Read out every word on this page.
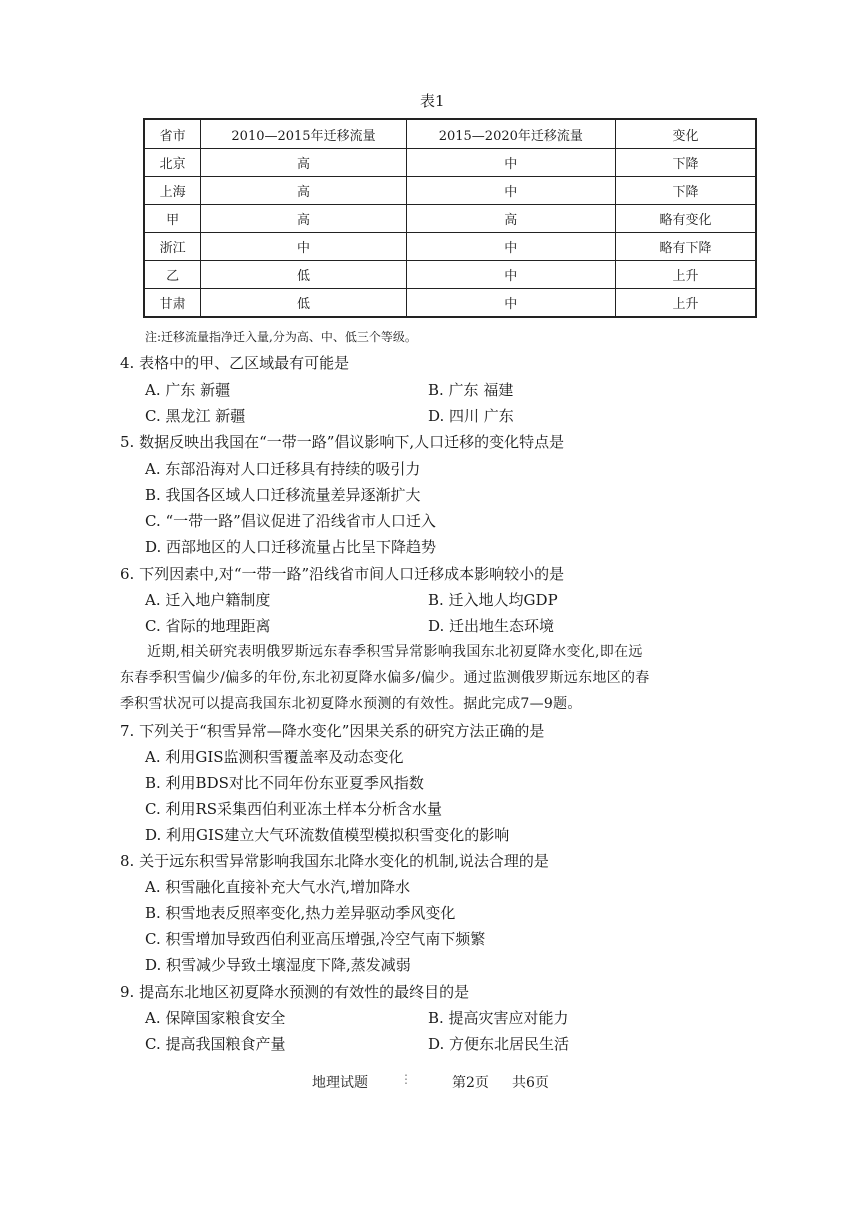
表1
省市	2010—2015年迁移流量	2015—2020年迁移流量	变化
北京	高	中	下降
上海	高	中	下降
甲	高	高	略有变化
浙江	中	中	略有下降
乙	低	中	上升
甘肃	低	中	上升
注:迁移流量指净迁入量,分为高、中、低三个等级。
4. 表格中的甲、乙区域最有可能是
A. 广东 新疆	B. 广东 福建
C. 黑龙江 新疆	D. 四川 广东
5. 数据反映出我国在“一带一路”倡议影响下,人口迁移的变化特点是
A. 东部沿海对人口迁移具有持续的吸引力
B. 我国各区域人口迁移流量差异逐渐扩大
C. “一带一路”倡议促进了沿线省市人口迁入
D. 西部地区的人口迁移流量占比呈下降趋势
6. 下列因素中,对“一带一路”沿线省市间人口迁移成本影响较小的是
A. 迁入地户籍制度	B. 迁入地人均GDP
C. 省际的地理距离	D. 迁出地生态环境
近期,相关研究表明俄罗斯远东春季积雪异常影响我国东北初夏降水变化,即在远
东春季积雪偏少/偏多的年份,东北初夏降水偏多/偏少。通过监测俄罗斯远东地区的春
季积雪状况可以提高我国东北初夏降水预测的有效性。据此完成7—9题。
7. 下列关于“积雪异常—降水变化”因果关系的研究方法正确的是
A. 利用GIS监测积雪覆盖率及动态变化
B. 利用BDS对比不同年份东亚夏季风指数
C. 利用RS采集西伯利亚冻土样本分析含水量
D. 利用GIS建立大气环流数值模型模拟积雪变化的影响
8. 关于远东积雪异常影响我国东北降水变化的机制,说法合理的是
A. 积雪融化直接补充大气水汽,增加降水
B. 积雪地表反照率变化,热力差异驱动季风变化
C. 积雪增加导致西伯利亚高压增强,冷空气南下频繁
D. 积雪减少导致土壤湿度下降,蒸发减弱
9. 提高东北地区初夏降水预测的有效性的最终目的是
A. 保障国家粮食安全	B. 提高灾害应对能力
C. 提高我国粮食产量	D. 方便东北居民生活
地理试题	⋮	第2页 共6页
